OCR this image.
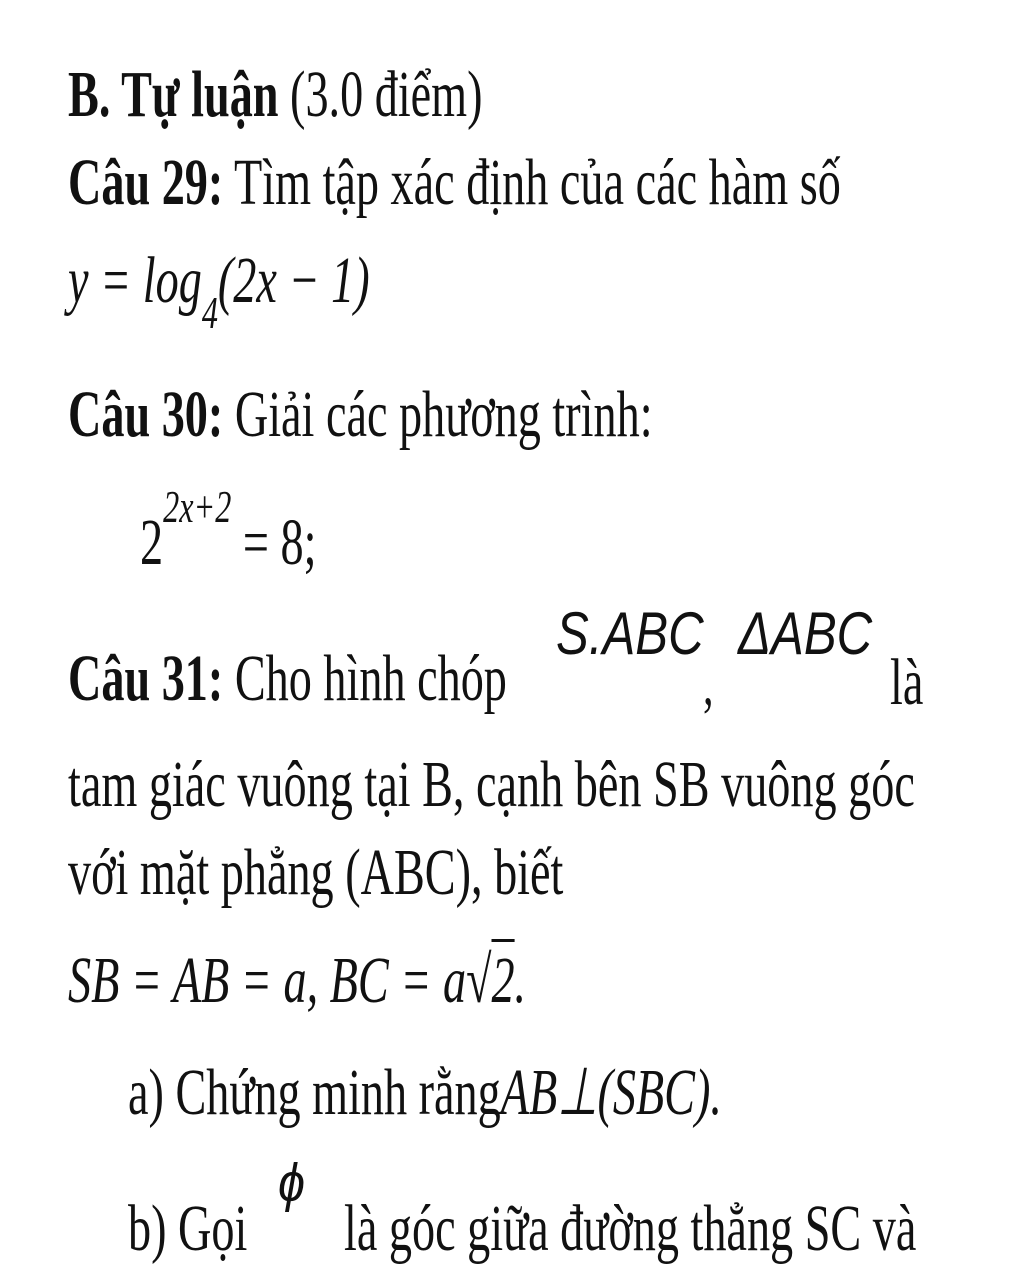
B. Tự luận (3.0 điểm)
Câu 29: Tìm tập xác định của các hàm số
$y = \log_4(2x - 1)$
Câu 30: Giải các phương trình:
$2^{2x+2} = 8$;
Câu 31: Cho hình chóp
S.ABC
,
ΔABC
là
tam giác vuông tại B, cạnh bên SB vuông góc
với mặt phẳng (ABC), biết
SB = AB = a, BC = a√2.
a) Chứng minh rằngAB⊥(SBC).
b) Gọi
ϕ
là góc giữa đường thẳng SC và
